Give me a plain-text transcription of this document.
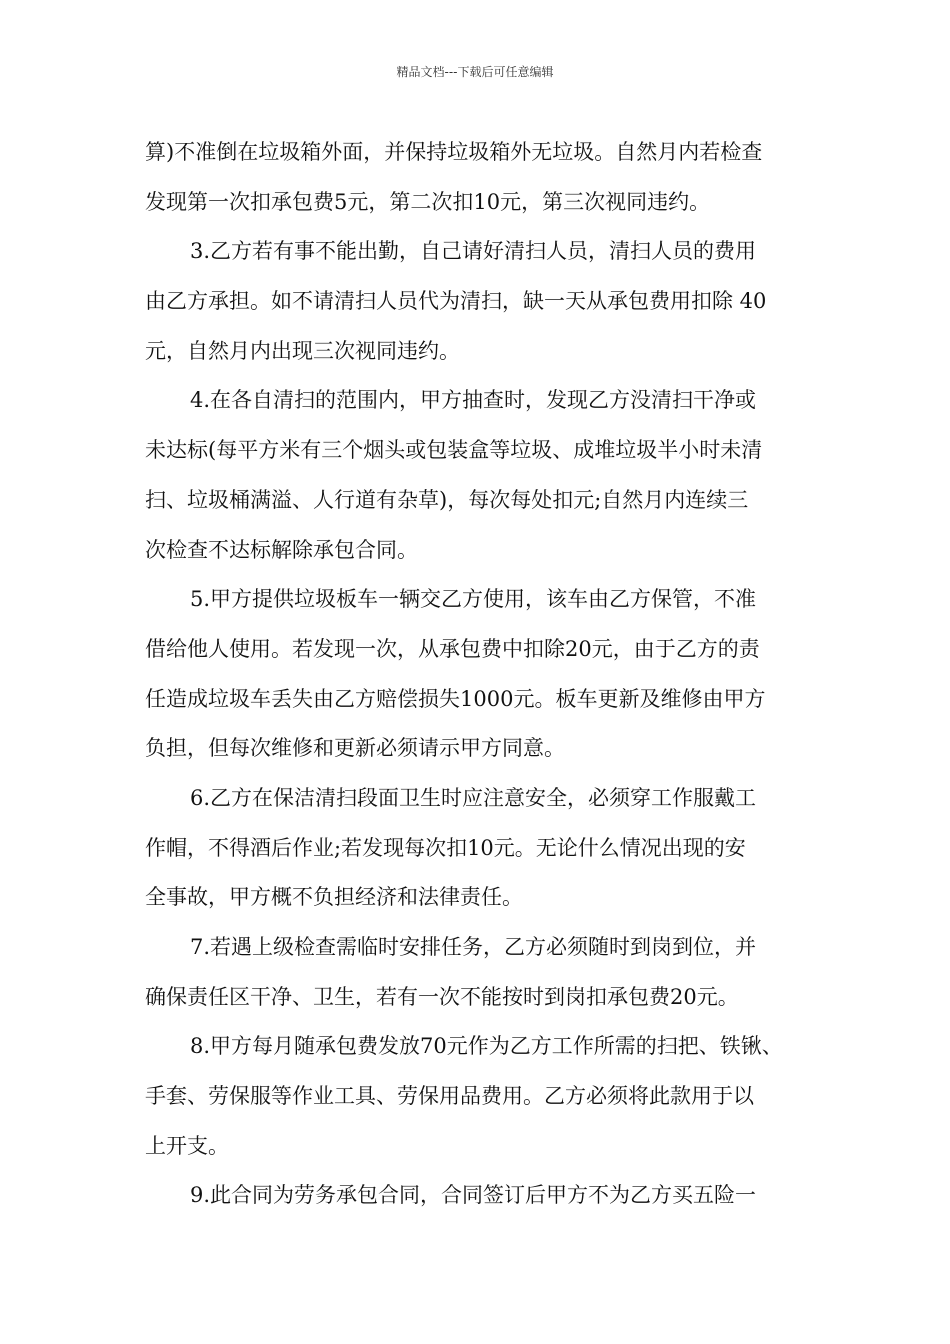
精品文档---下载后可任意编辑
算)不准倒在垃圾箱外面，并保持垃圾箱外无垃圾。自然月内若检查
发现第一次扣承包费5元，第二次扣10元，第三次视同违约。
3.乙方若有事不能出勤，自己请好清扫人员，清扫人员的费用
由乙方承担。如不请清扫人员代为清扫，缺一天从承包费用扣除 40
元，自然月内出现三次视同违约。
4.在各自清扫的范围内，甲方抽查时，发现乙方没清扫干净或
未达标(每平方米有三个烟头或包装盒等垃圾、成堆垃圾半小时未清
扫、垃圾桶满溢、人行道有杂草)，每次每处扣元;自然月内连续三
次检查不达标解除承包合同。
5.甲方提供垃圾板车一辆交乙方使用，该车由乙方保管，不准
借给他人使用。若发现一次，从承包费中扣除20元，由于乙方的责
任造成垃圾车丢失由乙方赔偿损失1000元。板车更新及维修由甲方
负担，但每次维修和更新必须请示甲方同意。
6.乙方在保洁清扫段面卫生时应注意安全，必须穿工作服戴工
作帽，不得酒后作业;若发现每次扣10元。无论什么情况出现的安
全事故，甲方概不负担经济和法律责任。
7.若遇上级检查需临时安排任务，乙方必须随时到岗到位，并
确保责任区干净、卫生，若有一次不能按时到岗扣承包费20元。
8.甲方每月随承包费发放70元作为乙方工作所需的扫把、铁锹、
手套、劳保服等作业工具、劳保用品费用。乙方必须将此款用于以
上开支。
9.此合同为劳务承包合同，合同签订后甲方不为乙方买五险一
